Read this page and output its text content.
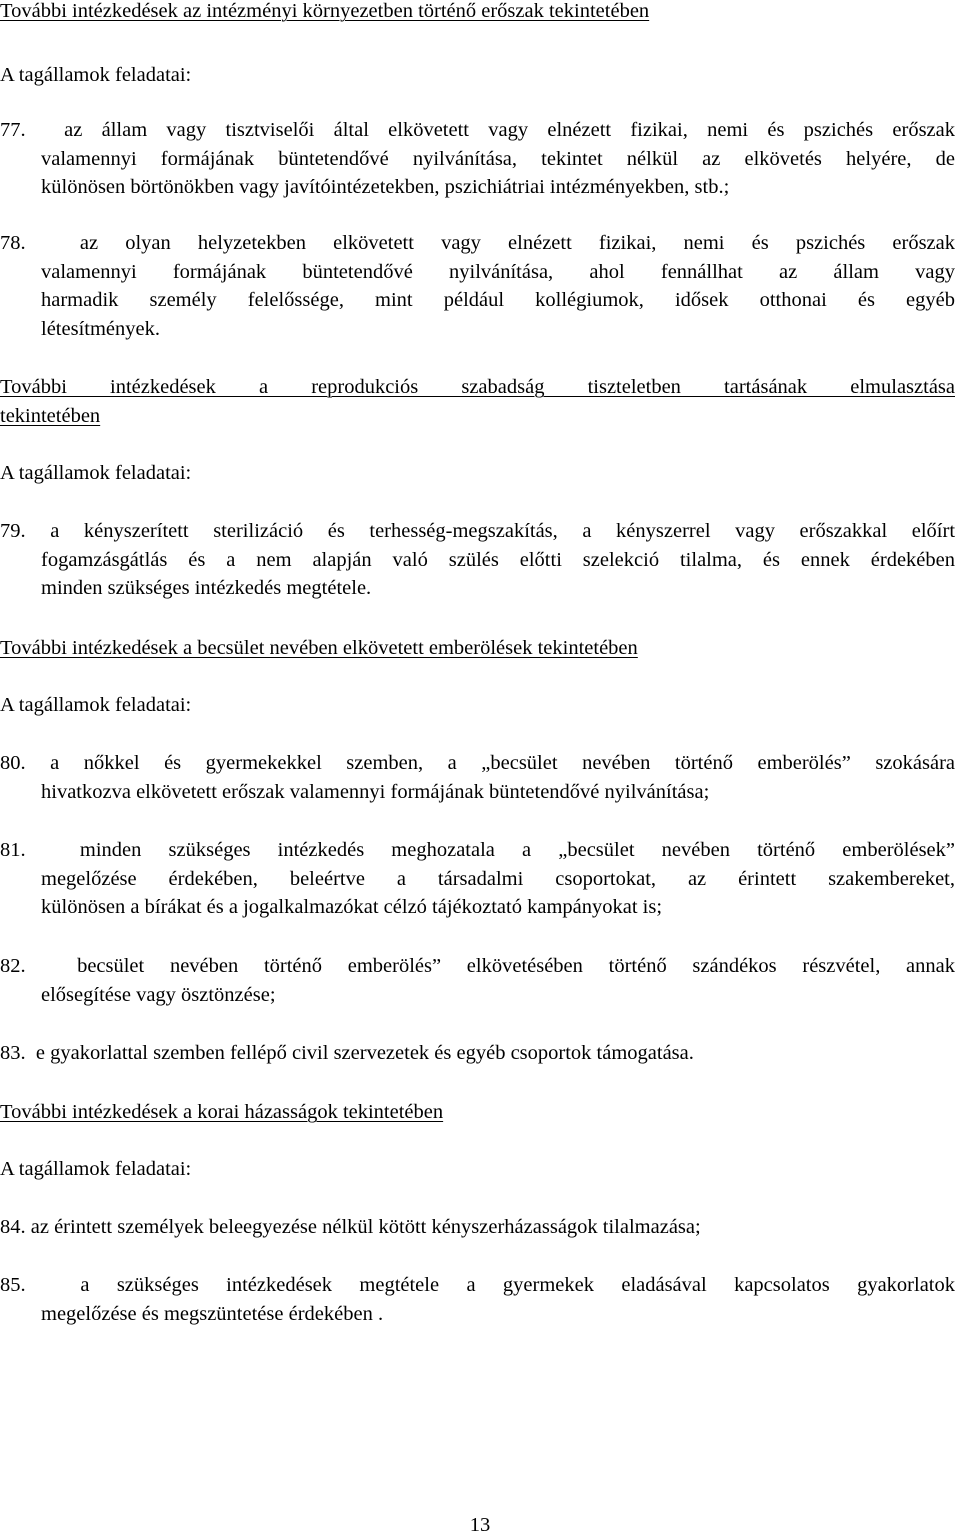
További intézkedések az intézményi környezetben történő erőszak tekintetében
A tagállamok feladatai:
77. az állam vagy tisztviselői által elkövetett vagy elnézett fizikai, nemi és pszichés erőszak
valamennyi formájának büntetendővé nyilvánítása, tekintet nélkül az elkövetés helyére, de
különösen börtönökben vagy javítóintézetekben, pszichiátriai intézményekben, stb.;
78.	az olyan helyzetekben elkövetett vagy elnézett fizikai, nemi és pszichés erőszak
valamennyi formájának büntetendővé nyilvánítása, ahol fennállhat az állam vagy
harmadik személy felelőssége, mint például kollégiumok, idősek otthonai és egyéb
létesítmények.
További intézkedések a reprodukciós szabadság tiszteletben tartásának elmulasztása
tekintetében
A tagállamok feladatai:
79. a kényszerített sterilizáció és terhesség-megszakítás, a kényszerrel vagy erőszakkal előírt
fogamzásgátlás és a nem alapján való szülés előtti szelekció tilalma, és ennek érdekében
minden szükséges intézkedés megtétele.
További intézkedések a becsület nevében elkövetett emberölések tekintetében
A tagállamok feladatai:
80. a nőkkel és gyermekekkel szemben, a „becsület nevében történő emberölés” szokására
hivatkozva elkövetett erőszak valamennyi formájának büntetendővé nyilvánítása;
81.	minden szükséges intézkedés meghozatala a „becsület nevében történő emberölések”
megelőzése érdekében, beleértve a társadalmi csoportokat, az érintett szakembereket,
különösen a bírákat és a jogalkalmazókat célzó tájékoztató kampányokat is;
82.	becsület nevében történő emberölés” elkövetésében történő szándékos részvétel, annak
elősegítése vagy ösztönzése;
83. e gyakorlattal szemben fellépő civil szervezetek és egyéb csoportok támogatása.
További intézkedések a korai házasságok tekintetében
A tagállamok feladatai:
84. az érintett személyek beleegyezése nélkül kötött kényszerházasságok tilalmazása;
85.	a szükséges intézkedések megtétele a gyermekek eladásával kapcsolatos gyakorlatok
megelőzése és megszüntetése érdekében .
13
